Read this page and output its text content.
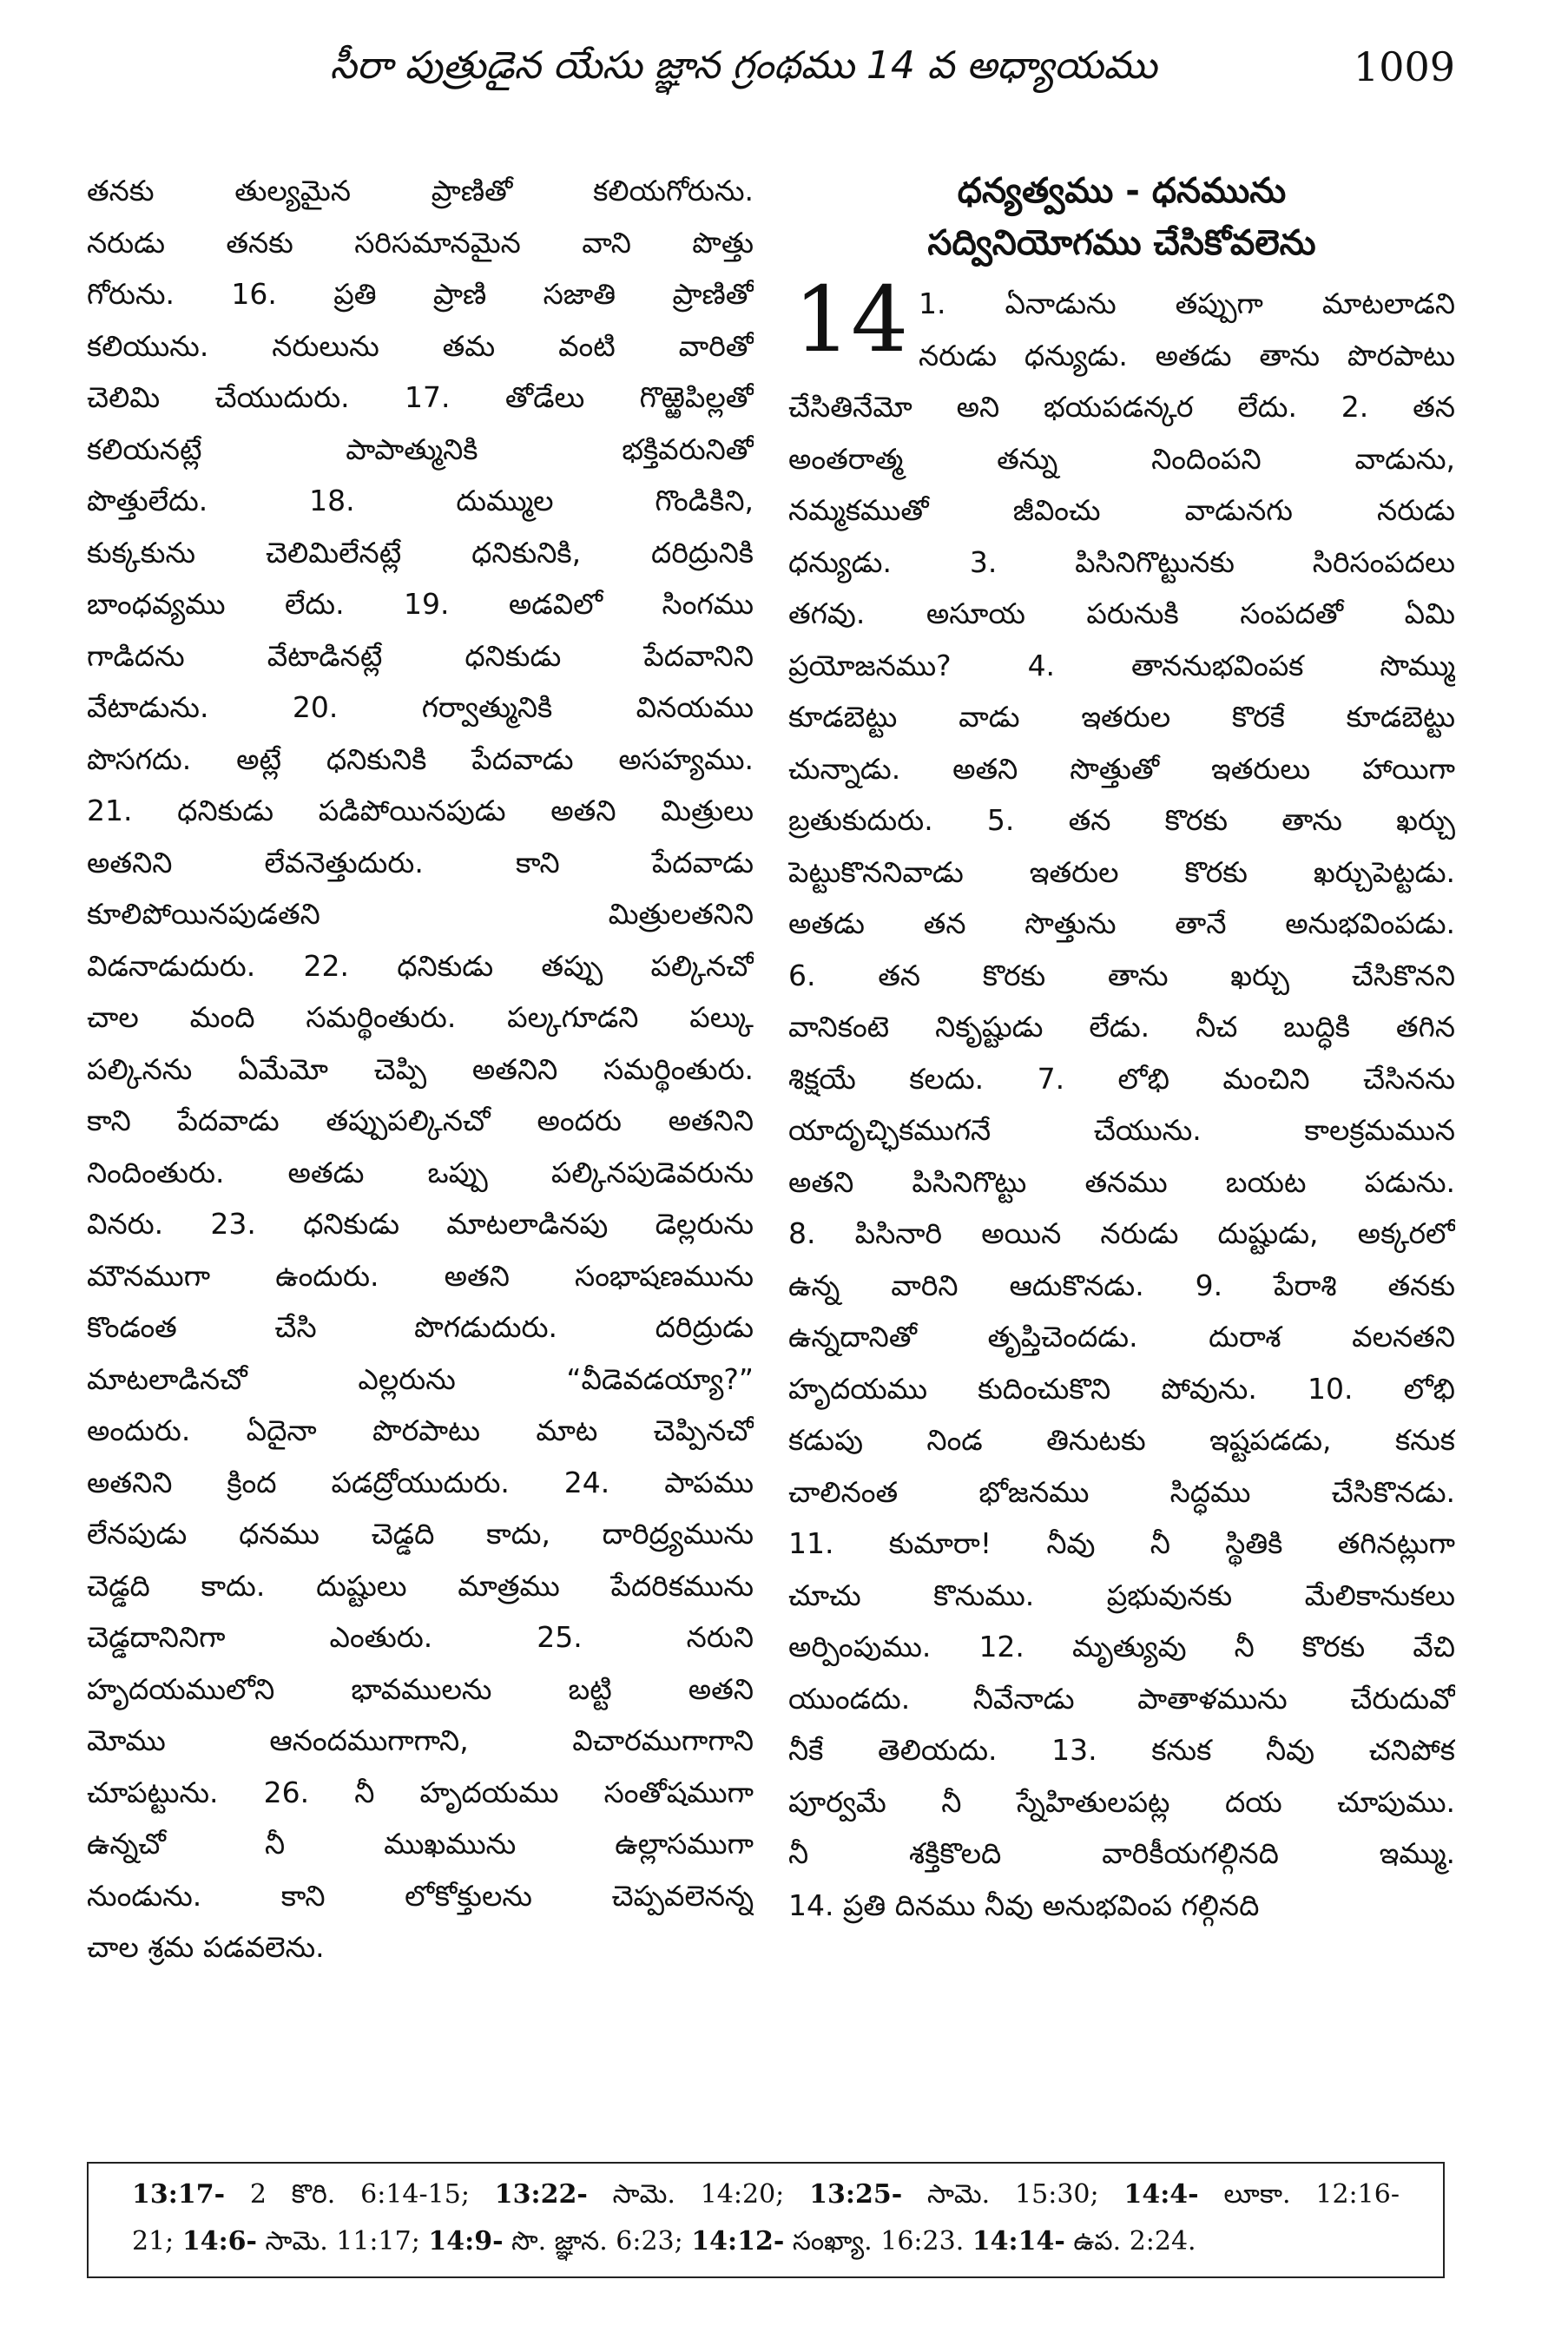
సీరా పుత్రుడైన యేసు జ్ఞాన గ్రంథము 14 వ అధ్యాయము	1009
తనకు తుల్యమైన ప్రాణితో కలియగోరును.
నరుడు తనకు సరిసమానమైన వాని పొత్తు
గోరును. 16. ప్రతి ప్రాణి సజాతి ప్రాణితో
కలియును. నరులును తమ వంటి వారితో
చెలిమి చేయుదురు. 17. తోడేలు గొఱ్ఱెపిల్లతో
కలియనట్లే పాపాత్మునికి భక్తివరునితో
పొత్తులేదు. 18. దుమ్ముల గొండికిని,
కుక్కకును చెలిమిలేనట్లే ధనికునికి, దరిద్రునికి
బాంధవ్యము లేదు. 19. అడవిలో సింగము
గాడిదను వేటాడినట్లే ధనికుడు పేదవానిని
వేటాడును. 20. గర్వాత్మునికి వినయము
పొసగదు. అట్లే ధనికునికి పేదవాడు అసహ్యము.
21. ధనికుడు పడిపోయినపుడు అతని మిత్రులు
అతనిని లేవనెత్తుదురు. కాని పేదవాడు
కూలిపోయినపుడతని మిత్రులతనిని
విడనాడుదురు. 22. ధనికుడు తప్పు పల్కినచో
చాల మంది సమర్థింతురు. పల్కగూడని పల్కు
పల్కినను ఏమేమో చెప్పి అతనిని సమర్థింతురు.
కాని పేదవాడు తప్పుపల్కినచో అందరు అతనిని
నిందింతురు. అతడు ఒప్పు పల్కినపుడెవరును
వినరు. 23. ధనికుడు మాటలాడినపు డెల్లరును
మౌనముగా ఉందురు. అతని సంభాషణమును
కొండంత చేసి పొగడుదురు. దరిద్రుడు
మాటలాడినచో ఎల్లరును “వీడెవడయ్యా?”
అందురు. ఏదైనా పొరపాటు మాట చెప్పినచో
అతనిని క్రింద పడద్రోయుదురు. 24. పాపము
లేనపుడు ధనము చెడ్డది కాదు, దారిద్ర్యమును
చెడ్డది కాదు. దుష్టులు మాత్రము పేదరికమును
చెడ్డదానినిగా ఎంతురు. 25. నరుని
హృదయములోని భావములను బట్టి అతని
మోము ఆనందముగాగాని, విచారముగాగాని
చూపట్టును. 26. నీ హృదయము సంతోషముగా
ఉన్నచో నీ ముఖమును ఉల్లాసముగా
నుండును. కాని లోకోక్తులను చెప్పవలెనన్న
చాల శ్రమ పడవలెను.
ధన్యత్వము - ధనమును
సద్వినియోగము చేసికోవలెను
14 1. ఏనాడును తప్పుగా మాటలాడని
నరుడు ధన్యుడు. అతడు తాను పొరపాటు
చేసితినేమో అని భయపడన్కర లేదు. 2. తన
అంతరాత్మ తన్ను నిందింపని వాడును,
నమ్మకముతో జీవించు వాడునగు నరుడు
ధన్యుడు. 3. పిసినిగొట్టునకు సిరిసంపదలు
తగవు. అసూయ పరునుకి సంపదతో ఏమి
ప్రయోజనము? 4. తాననుభవింపక సొమ్ము
కూడబెట్టు వాడు ఇతరుల కొరకే కూడబెట్టు
చున్నాడు. అతని సొత్తుతో ఇతరులు హాయిగా
బ్రతుకుదురు. 5. తన కొరకు తాను ఖర్చు
పెట్టుకొననివాడు ఇతరుల కొరకు ఖర్చుపెట్టడు.
అతడు తన సొత్తును తానే అనుభవింపడు.
6. తన కొరకు తాను ఖర్చు చేసికొనని
వానికంటె నికృష్టుడు లేడు. నీచ బుద్ధికి తగిన
శిక్షయే కలదు. 7. లోభి మంచిని చేసినను
యాదృచ్ఛికముగనే చేయును. కాలక్రమమున
అతని పిసినిగొట్టు తనము బయట పడును.
8. పిసినారి అయిన నరుడు దుష్టుడు, అక్కరలో
ఉన్న వారిని ఆదుకొనడు. 9. పేరాశి తనకు
ఉన్నదానితో తృప్తిచెందడు. దురాశ వలనతని
హృదయము కుదించుకొని పోవును. 10. లోభి
కడుపు నిండ తినుటకు ఇష్టపడడు, కనుక
చాలినంత భోజనము సిద్ధము చేసికొనడు.
11. కుమారా! నీవు నీ స్థితికి తగినట్లుగా
చూచు కొనుము. ప్రభువునకు మేలికానుకలు
అర్పింపుము. 12. మృత్యువు నీ కొరకు వేచి
యుండదు. నీవేనాడు పాతాళమును చేరుదువో
నీకే తెలియదు. 13. కనుక నీవు చనిపోక
పూర్వమే నీ స్నేహితులపట్ల దయ చూపుము.
నీ శక్తికొలది వారికీయగల్గినది ఇమ్ము.
14. ప్రతి దినము నీవు అనుభవింప గల్గినది
13:17- 2 కొరి. 6:14-15; 13:22- సామె. 14:20; 13:25- సామె. 15:30; 14:4- లూకా. 12:16-
21; 14:6- సామె. 11:17; 14:9- సొ. జ్ఞాన. 6:23; 14:12- సంఖ్యా. 16:23. 14:14- ఉప. 2:24.
